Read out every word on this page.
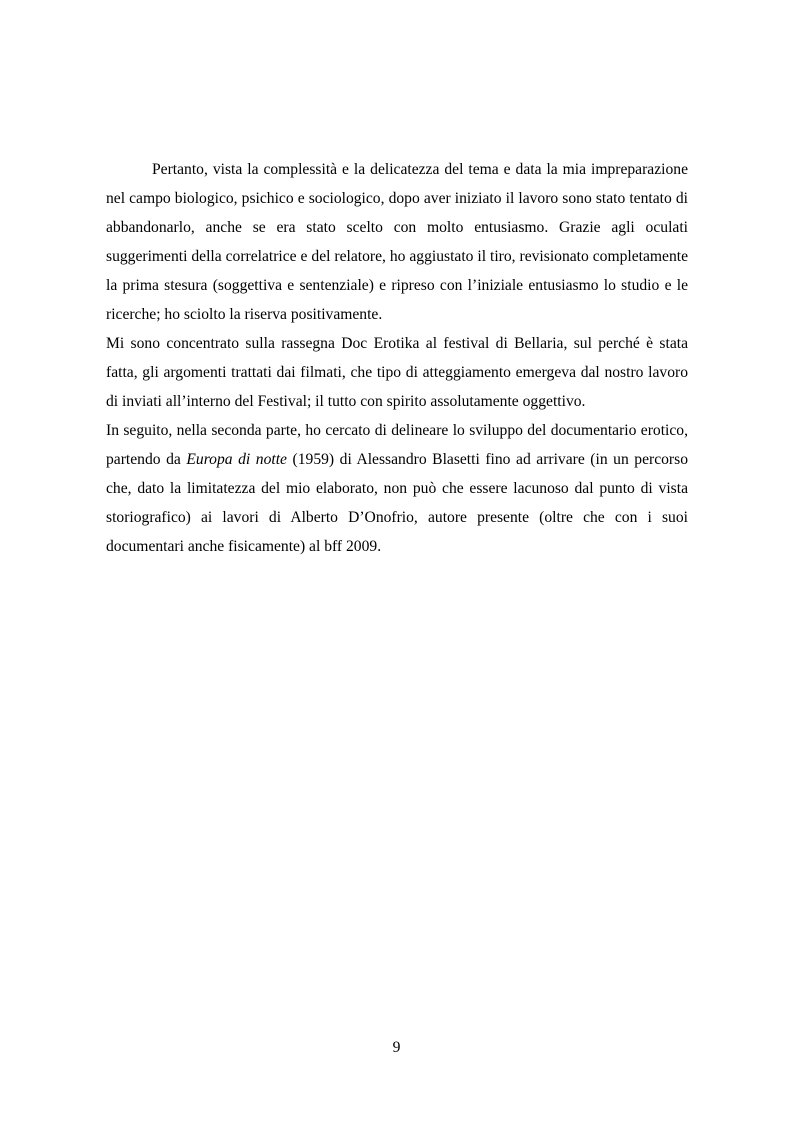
Pertanto, vista la complessità e la delicatezza del tema e data la mia impreparazione nel campo biologico, psichico e sociologico, dopo aver iniziato il lavoro sono stato tentato di abbandonarlo, anche se era stato scelto con molto entusiasmo. Grazie agli oculati suggerimenti della correlatrice e del relatore, ho aggiustato il tiro, revisionato completamente la prima stesura (soggettiva e sentenziale) e ripreso con l’iniziale entusiasmo lo studio e le ricerche; ho sciolto la riserva positivamente.

Mi sono concentrato sulla rassegna Doc Erotika al festival di Bellaria, sul perché è stata fatta, gli argomenti trattati dai filmati, che tipo di atteggiamento emergeva dal nostro lavoro di inviati all’interno del Festival; il tutto con spirito assolutamente oggettivo.

In seguito, nella seconda parte, ho cercato di delineare lo sviluppo del documentario erotico, partendo da Europa di notte (1959) di Alessandro Blasetti fino ad arrivare (in un percorso che, dato la limitatezza del mio elaborato, non può che essere lacunoso dal punto di vista storiografico) ai lavori di Alberto D’Onofrio, autore presente (oltre che con i suoi documentari anche fisicamente) al bff 2009.

9
